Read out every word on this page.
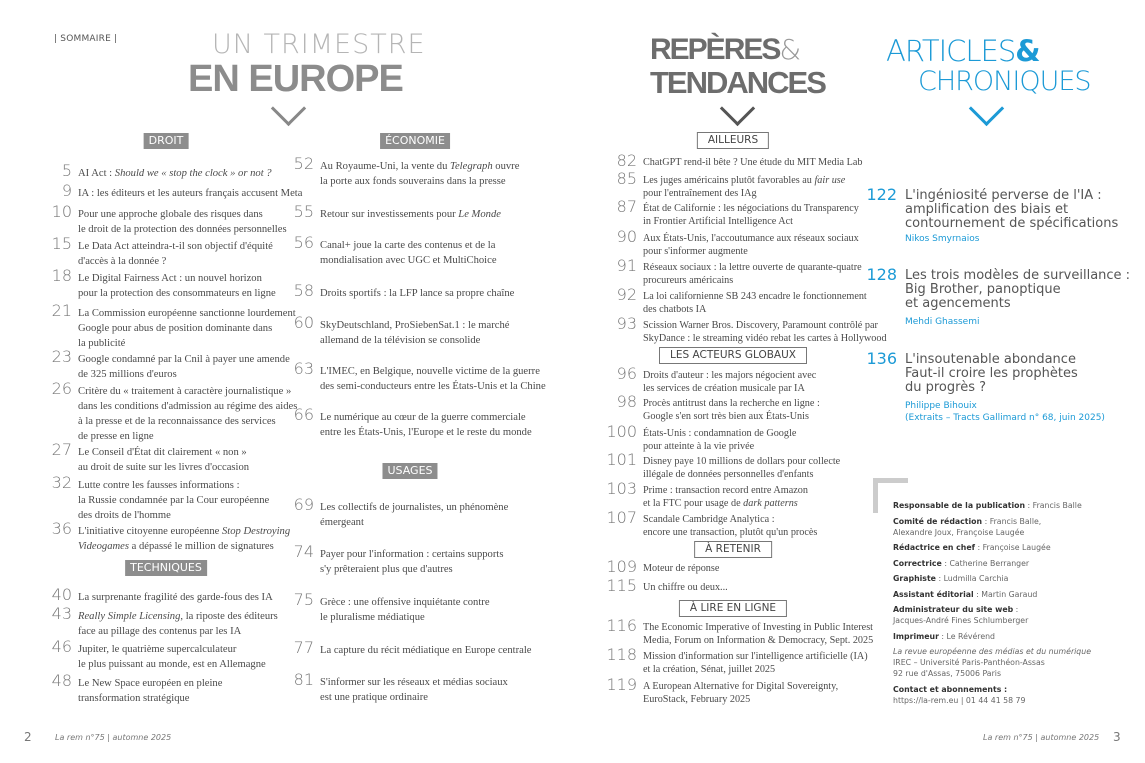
| SOMMAIRE |	UN TRIMESTRE
EN EUROPE
REPÈRES&
TENDANCES
ARTICLES&
CHRONIQUES
DROIT	ÉCONOMIE
TECHNIQUES
USAGES
AILLEURS
LES ACTEURS GLOBAUX
À RETENIR
À LIRE EN LIGNE
5 AI Act : Should we « stop the clock » or not ?
9 IA : les éditeurs et les auteurs français accusent Meta
10 Pour une approche globale des risques dans
le droit de la protection des données personnelles
15 Le Data Act atteindra-t-il son objectif d'équité
d'accès à la donnée ?
18 Le Digital Fairness Act : un nouvel horizon
pour la protection des consommateurs en ligne
21 La Commission européenne sanctionne lourdement
Google pour abus de position dominante dans
la publicité
23 Google condamné par la Cnil à payer une amende
de 325 millions d'euros
26 Critère du « traitement à caractère journalistique »
dans les conditions d'admission au régime des aides
à la presse et de la reconnaissance des services
de presse en ligne
27 Le Conseil d'État dit clairement « non »
au droit de suite sur les livres d'occasion
32 Lutte contre les fausses informations :
la Russie condamnée par la Cour européenne
des droits de l'homme
36 L'initiative citoyenne européenne Stop Destroying
Videogames a dépassé le million de signatures
40 La surprenante fragilité des garde-fous des IA
43 Really Simple Licensing, la riposte des éditeurs
face au pillage des contenus par les IA
46 Jupiter, le quatrième supercalculateur
le plus puissant au monde, est en Allemagne
48 Le New Space européen en pleine
transformation stratégique
52 Au Royaume-Uni, la vente du Telegraph ouvre
la porte aux fonds souverains dans la presse
55 Retour sur investissements pour Le Monde
56 Canal+ joue la carte des contenus et de la
mondialisation avec UGC et MultiChoice
58 Droits sportifs : la LFP lance sa propre chaîne
60 SkyDeutschland, ProSiebenSat.1 : le marché
allemand de la télévision se consolide
63 L'IMEC, en Belgique, nouvelle victime de la guerre
des semi-conducteurs entre les États-Unis et la Chine
66 Le numérique au cœur de la guerre commerciale
entre les États-Unis, l'Europe et le reste du monde
69 Les collectifs de journalistes, un phénomène
émergeant
74 Payer pour l'information : certains supports
s'y prêteraient plus que d'autres
75 Grèce : une offensive inquiétante contre
le pluralisme médiatique
77 La capture du récit médiatique en Europe centrale
81 S'informer sur les réseaux et médias sociaux
est une pratique ordinaire
82 ChatGPT rend-il bête ? Une étude du MIT Media Lab
85 Les juges américains plutôt favorables au fair use
pour l'entraînement des IAg
87 État de Californie : les négociations du Transparency
in Frontier Artificial Intelligence Act
90 Aux États-Unis, l'accoutumance aux réseaux sociaux
pour s'informer augmente
91 Réseaux sociaux : la lettre ouverte de quarante-quatre
procureurs américains
92 La loi californienne SB 243 encadre le fonctionnement
des chatbots IA
93 Scission Warner Bros. Discovery, Paramount contrôlé par
SkyDance : le streaming vidéo rebat les cartes à Hollywood
96 Droits d'auteur : les majors négocient avec
les services de création musicale par IA
98 Procès antitrust dans la recherche en ligne :
Google s'en sort très bien aux États-Unis
100 États-Unis : condamnation de Google
pour atteinte à la vie privée
101 Disney paye 10 millions de dollars pour collecte
illégale de données personnelles d'enfants
103 Prime : transaction record entre Amazon
et la FTC pour usage de dark patterns
107 Scandale Cambridge Analytica :
encore une transaction, plutôt qu'un procès
109 Moteur de réponse
115 Un chiffre ou deux...
116 The Economic Imperative of Investing in Public Interest
Media, Forum on Information & Democracy, Sept. 2025
118 Mission d'information sur l'intelligence artificielle (IA)
et la création, Sénat, juillet 2025
119 A European Alternative for Digital Sovereignty,
EuroStack, February 2025
122 L'ingéniosité perverse de l'IA :
amplification des biais et
contournement de spécifications
Nikos Smyrnaios
128 Les trois modèles de surveillance :
Big Brother, panoptique
et agencements
Mehdi Ghassemi
136 L'insoutenable abondance
Faut-il croire les prophètes
du progrès ?
Philippe Bihouix
(Extraits – Tracts Gallimard n° 68, juin 2025)
Responsable de la publication : Francis Balle
Comité de rédaction : Francis Balle,
Alexandre Joux, Françoise Laugée
Rédactrice en chef : Françoise Laugée
Correctrice : Catherine Berranger
Graphiste : Ludmilla Carchia
Assistant éditorial : Martin Garaud
Administrateur du site web :
Jacques-André Fines Schlumberger
Imprimeur : Le Révérend
La revue européenne des médias et du numérique
IREC – Université Paris-Panthéon-Assas
92 rue d'Assas, 75006 Paris
Contact et abonnements :
https://la-rem.eu | 01 44 41 58 79
2	La rem n°75 | automne 2025	La rem n°75 | automne 2025 3
